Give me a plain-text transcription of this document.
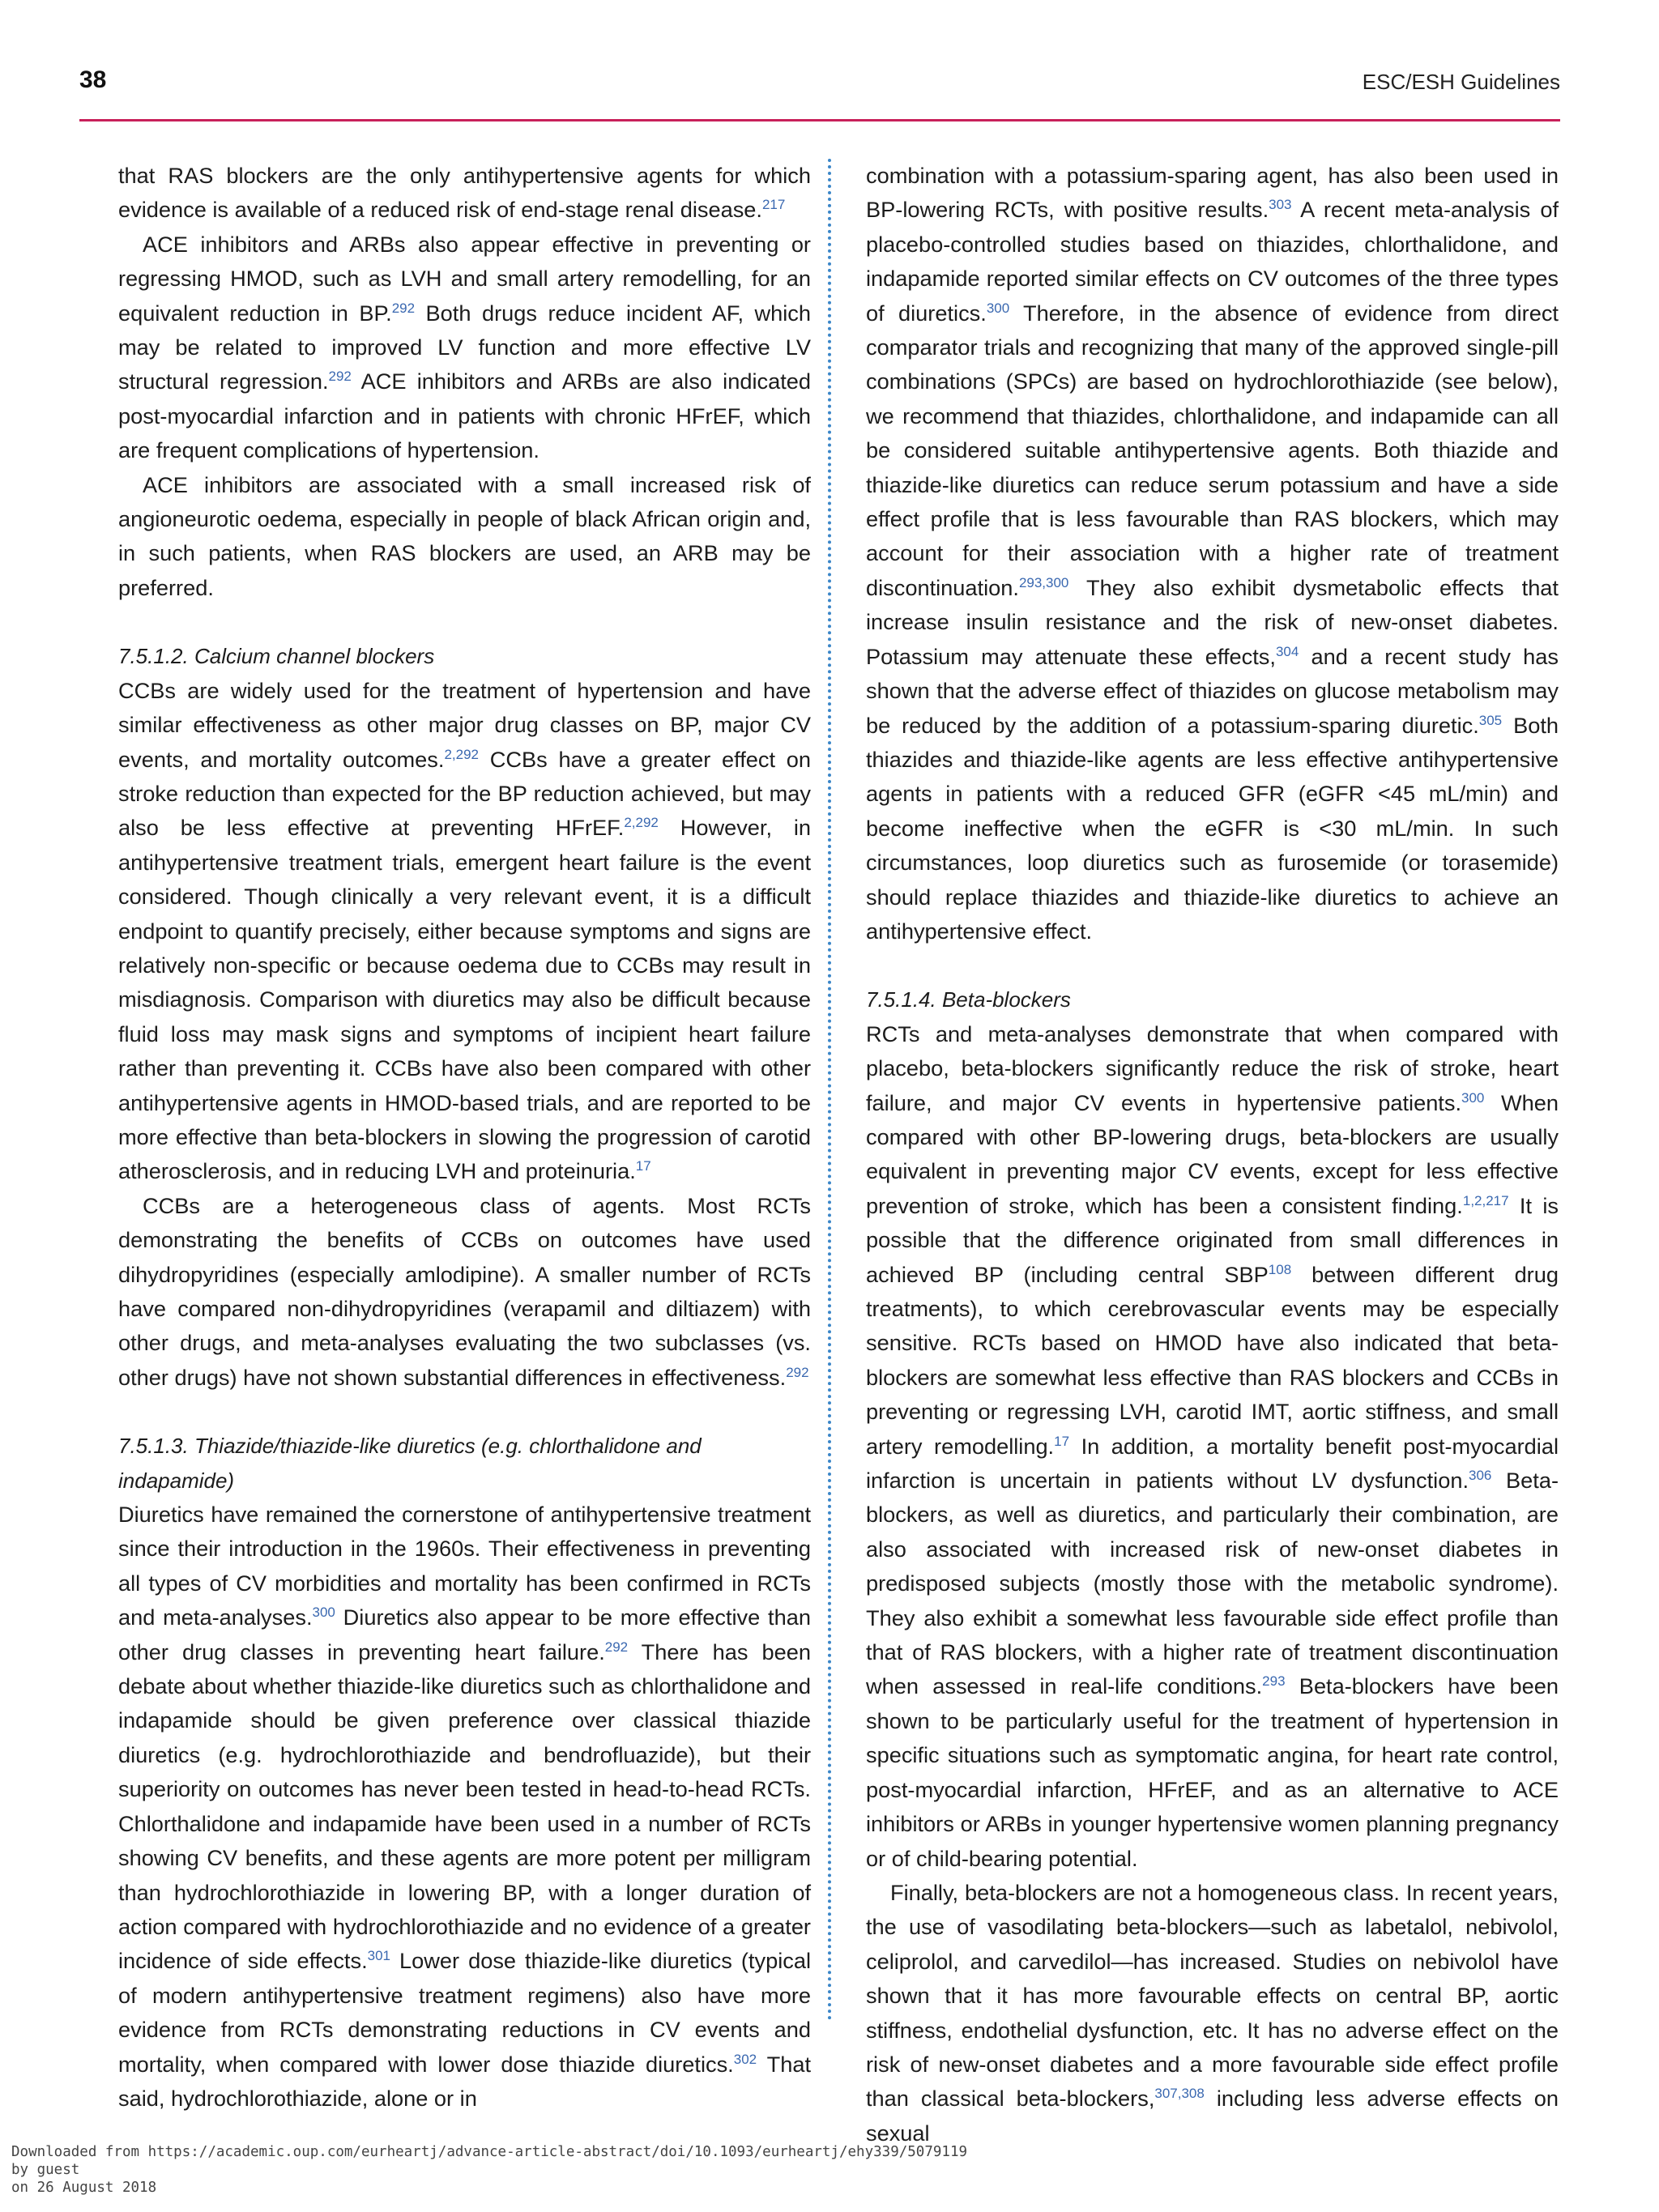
38	ESC/ESH Guidelines

that RAS blockers are the only antihypertensive agents for which evidence is available of a reduced risk of end-stage renal disease.$^{217}$

ACE inhibitors and ARBs also appear effective in preventing or regressing HMOD, such as LVH and small artery remodelling, for an equivalent reduction in BP.$^{292}$ Both drugs reduce incident AF, which may be related to improved LV function and more effective LV structural regression.$^{292}$ ACE inhibitors and ARBs are also indicated post-myocardial infarction and in patients with chronic HFrEF, which are frequent complications of hypertension.

ACE inhibitors are associated with a small increased risk of angioneurotic oedema, especially in people of black African origin and, in such patients, when RAS blockers are used, an ARB may be preferred.

7.5.1.2. Calcium channel blockers

CCBs are widely used for the treatment of hypertension and have similar effectiveness as other major drug classes on BP, major CV events, and mortality outcomes.$^{2,292}$ CCBs have a greater effect on stroke reduction than expected for the BP reduction achieved, but may also be less effective at preventing HFrEF.$^{2,292}$ However, in antihypertensive treatment trials, emergent heart failure is the event considered. Though clinically a very relevant event, it is a difficult endpoint to quantify precisely, either because symptoms and signs are relatively non-specific or because oedema due to CCBs may result in misdiagnosis. Comparison with diuretics may also be difficult because fluid loss may mask signs and symptoms of incipient heart failure rather than preventing it. CCBs have also been compared with other antihypertensive agents in HMOD-based trials, and are reported to be more effective than beta-blockers in slowing the progression of carotid atherosclerosis, and in reducing LVH and proteinuria.$^{17}$

CCBs are a heterogeneous class of agents. Most RCTs demonstrating the benefits of CCBs on outcomes have used dihydropyridines (especially amlodipine). A smaller number of RCTs have compared non-dihydropyridines (verapamil and diltiazem) with other drugs, and meta-analyses evaluating the two subclasses (vs. other drugs) have not shown substantial differences in effectiveness.$^{292}$

7.5.1.3. Thiazide/thiazide-like diuretics (e.g. chlorthalidone and indapamide)

Diuretics have remained the cornerstone of antihypertensive treatment since their introduction in the 1960s. Their effectiveness in preventing all types of CV morbidities and mortality has been confirmed in RCTs and meta-analyses.$^{300}$ Diuretics also appear to be more effective than other drug classes in preventing heart failure.$^{292}$ There has been debate about whether thiazide-like diuretics such as chlorthalidone and indapamide should be given preference over classical thiazide diuretics (e.g. hydrochlorothiazide and bendrofluazide), but their superiority on outcomes has never been tested in head-to-head RCTs. Chlorthalidone and indapamide have been used in a number of RCTs showing CV benefits, and these agents are more potent per milligram than hydrochlorothiazide in lowering BP, with a longer duration of action compared with hydrochlorothiazide and no evidence of a greater incidence of side effects.$^{301}$ Lower dose thiazide-like diuretics (typical of modern antihypertensive treatment regimens) also have more evidence from RCTs demonstrating reductions in CV events and mortality, when compared with lower dose thiazide diuretics.$^{302}$ That said, hydrochlorothiazide, alone or in

combination with a potassium-sparing agent, has also been used in BP-lowering RCTs, with positive results.$^{303}$ A recent meta-analysis of placebo-controlled studies based on thiazides, chlorthalidone, and indapamide reported similar effects on CV outcomes of the three types of diuretics.$^{300}$ Therefore, in the absence of evidence from direct comparator trials and recognizing that many of the approved single-pill combinations (SPCs) are based on hydrochlorothiazide (see below), we recommend that thiazides, chlorthalidone, and indapamide can all be considered suitable antihypertensive agents. Both thiazide and thiazide-like diuretics can reduce serum potassium and have a side effect profile that is less favourable than RAS blockers, which may account for their association with a higher rate of treatment discontinuation.$^{293,300}$ They also exhibit dysmetabolic effects that increase insulin resistance and the risk of new-onset diabetes. Potassium may attenuate these effects,$^{304}$ and a recent study has shown that the adverse effect of thiazides on glucose metabolism may be reduced by the addition of a potassium-sparing diuretic.$^{305}$ Both thiazides and thiazide-like agents are less effective antihypertensive agents in patients with a reduced GFR (eGFR <45 mL/min) and become ineffective when the eGFR is <30 mL/min. In such circumstances, loop diuretics such as furosemide (or torasemide) should replace thiazides and thiazide-like diuretics to achieve an antihypertensive effect.

7.5.1.4. Beta-blockers

RCTs and meta-analyses demonstrate that when compared with placebo, beta-blockers significantly reduce the risk of stroke, heart failure, and major CV events in hypertensive patients.$^{300}$ When compared with other BP-lowering drugs, beta-blockers are usually equivalent in preventing major CV events, except for less effective prevention of stroke, which has been a consistent finding.$^{1,2,217}$ It is possible that the difference originated from small differences in achieved BP (including central SBP$^{108}$ between different drug treatments), to which cerebrovascular events may be especially sensitive. RCTs based on HMOD have also indicated that beta-blockers are somewhat less effective than RAS blockers and CCBs in preventing or regressing LVH, carotid IMT, aortic stiffness, and small artery remodelling.$^{17}$ In addition, a mortality benefit post-myocardial infarction is uncertain in patients without LV dysfunction.$^{306}$ Beta-blockers, as well as diuretics, and particularly their combination, are also associated with increased risk of new-onset diabetes in predisposed subjects (mostly those with the metabolic syndrome). They also exhibit a somewhat less favourable side effect profile than that of RAS blockers, with a higher rate of treatment discontinuation when assessed in real-life conditions.$^{293}$ Beta-blockers have been shown to be particularly useful for the treatment of hypertension in specific situations such as symptomatic angina, for heart rate control, post-myocardial infarction, HFrEF, and as an alternative to ACE inhibitors or ARBs in younger hypertensive women planning pregnancy or of child-bearing potential.

Finally, beta-blockers are not a homogeneous class. In recent years, the use of vasodilating beta-blockers—such as labetalol, nebivolol, celiprolol, and carvedilol—has increased. Studies on nebivolol have shown that it has more favourable effects on central BP, aortic stiffness, endothelial dysfunction, etc. It has no adverse effect on the risk of new-onset diabetes and a more favourable side effect profile than classical beta-blockers,$^{307,308}$ including less adverse effects on sexual

Downloaded from https://academic.oup.com/eurheartj/advance-article-abstract/doi/10.1093/eurheartj/ehy339/5079119
by guest
on 26 August 2018
